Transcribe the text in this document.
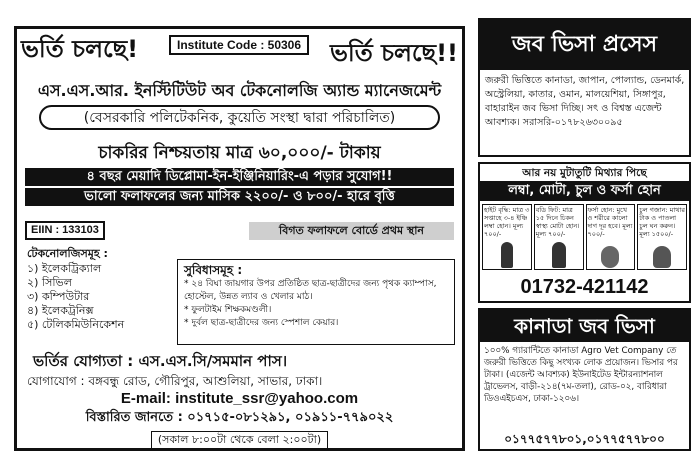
ভর্তি চলছে!	Institute Code : 50306	ভর্তি চলছে!!
এস.এস.আর. ইনস্টিটিউট অব টেকনোলজি অ্যান্ড ম্যানেজমেন্ট
(বেসরকারি পলিটেকনিক, কুয়েতি সংস্থা দ্বারা পরিচালিত)
চাকরির নিশ্চয়তায় মাত্র ৬০,০০০/- টাকায়
৪ বছর মেয়াদি ডিপ্লোমা-ইন-ইঞ্জিনিয়ারিং-এ পড়ার সুযোগ!!
ভালো ফলাফলের জন্য মাসিক ২২০০/- ও ৮০০/- হারে বৃত্তি
EIIN : 133103	বিগত ফলাফলে বোর্ডে প্রথম স্থান
টেকনোলজিসমূহ :
১) ইলেকট্রিক্যাল
২) সিভিল
৩) কম্পিউটার
৪) ইলেকট্রনিক্স
৫) টেলিকমিউনিকেশন
সুবিধাসমূহ :
* ২৪ বিঘা জায়গার উপর প্রতিষ্ঠিত ছাত্র-ছাত্রীদের জন্য পৃথক ক্যাম্পাস, হোস্টেল, উন্নত ল্যাব ও খেলার মাঠ।
* ফুলটাইম শিক্ষকমণ্ডলী।
* দুর্বল ছাত্র-ছাত্রীদের জন্য স্পেশাল কেয়ার।
ভর্তির যোগ্যতা : এস.এস.সি/সমমান পাস।
যোগাযোগ : বঙ্গবন্ধু রোড, গৌরিপুর, আশুলিয়া, সাভার, ঢাকা।
E-mail: institute_ssr@yahoo.com
বিস্তারিত জানতে : ০১৭১৫-০৮১২৯১, ০১৯১১-৭৭৯০২২
(সকাল ৮:০০টা থেকে বেলা ২:০০টা)
জব ভিসা প্রসেস
জরুরী ভিত্তিতে কানাডা, জাপান, পোল্যান্ড, ডেনমার্ক, অস্ট্রেলিয়া, কাতার, ওমান, মালয়েশিয়া, সিঙ্গাপুর, বাহারাইন জব ভিসা দিচ্ছি। সৎ ও বিশ্বস্ত এজেন্ট আবশ্যক। সরাসরি-০১৭৮২৬৩০০৯৫
আর নয় মুটাতুটি মিথ্যার পিছে
লম্বা, মোটা, চুল ও ফর্সা হোন
হাইট বৃদ্ধি: মাত্র ৩ সপ্তাহে ৩-৪ ইঞ্চি লম্বা হোন। মূল্য ৭০০/-
বডি ফিট: মাত্র ১৫ দিনে চিকন স্বাস্থ্য মোটা হোন। মূল্য ৭০০/-
ফর্সা হোন: মুখে ও শরীরে কালো দাগ দূর হবে। মূল্য ৭০০/-
চুল গজান: মাথার টাক ও পাতলা চুল ঘন করুন। মূল্য ১৫০০/-
01732-421142
কানাডা জব ভিসা
১০০% গ্যারান্টিতে কানাডা Agro Vet Company তে জরুরী ভিত্তিতে কিছু সংখ্যক লোক প্রয়োজন। ভিসার পর টাকা। (এজেন্ট আবশ্যক) ইউনাইটেড ইন্টারন্যাশনাল ট্রাভেলস, বাড়ী-২১৪(৭ম-তলা), রোড-০২, বারিধারা ডিওএইচএস, ঢাকা-১২০৬।
০১৭৭৫৭৭৮০১,০১৭৭৫৭৭৮০০
